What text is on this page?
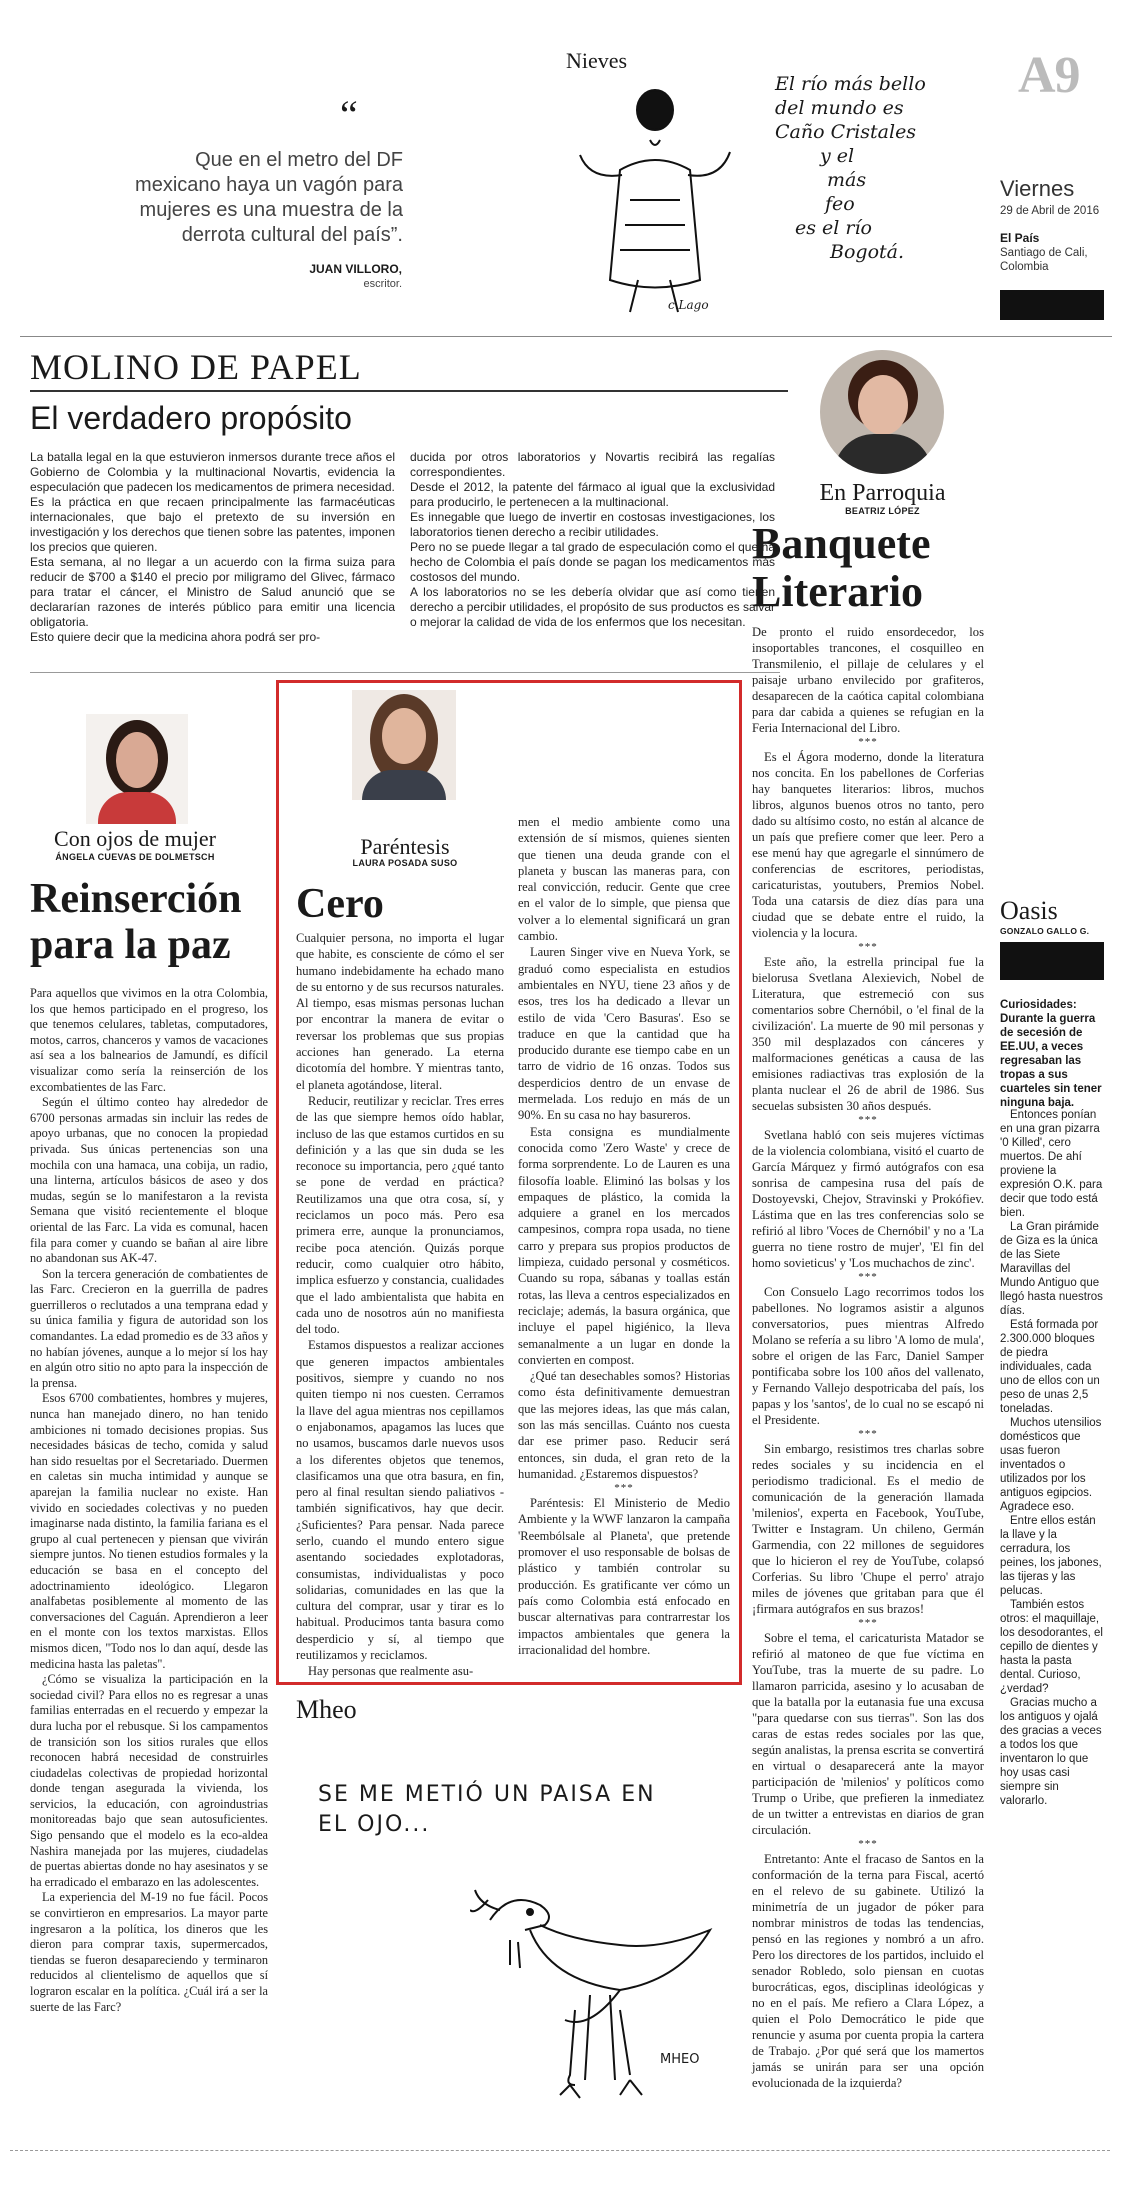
Nieves	A9
Viernes
29 de Abril de 2016
El País
Santiago de Cali, Colombia
“
Que en el metro del DF mexicano haya un vagón para mujeres es una muestra de la derrota cultural del país”.
JUAN VILLORO,
escritor.
El río más bello
del mundo es
Caño Cristales
y el
más
feo
es el río
Bogotá.
c.Lago
MOLINO DE PAPEL
El verdadero propósito

La batalla legal en la que estuvieron inmersos durante trece años el Gobierno de Colombia y la multinacional Novartis, evidencia la especulación que padecen los medicamentos de primera necesidad.

Es la práctica en que recaen principalmente las farmacéuticas internacionales, que bajo el pretexto de su inversión en investigación y los derechos que tienen sobre las patentes, imponen los precios que quieren.

Esta semana, al no llegar a un acuerdo con la firma suiza para reducir de $700 a $140 el precio por miligramo del Glivec, fármaco para tratar el cáncer, el Ministro de Salud anunció que se declararían razones de interés público para emitir una licencia obligatoria.

Esto quiere decir que la medicina ahora podrá ser pro-

ducida por otros laboratorios y Novartis recibirá las regalías correspondientes.

Desde el 2012, la patente del fármaco al igual que la exclusividad para producirlo, le pertenecen a la multinacional.

Es innegable que luego de invertir en costosas investigaciones, los laboratorios tienen derecho a recibir utilidades.

Pero no se puede llegar a tal grado de especulación como el que ha hecho de Colombia el país donde se pagan los medicamentos más costosos del mundo.

A los laboratorios no se les debería olvidar que así como tienen derecho a percibir utilidades, el propósito de sus productos es salvar o mejorar la calidad de vida de los enfermos que los necesitan.

En Parroquia
BEATRIZ LÓPEZ
Banquete Literario

De pronto el ruido ensordecedor, los insoportables trancones, el cosquilleo en Transmilenio, el pillaje de celulares y el paisaje urbano envilecido por grafiteros, desaparecen de la caótica capital colombiana para dar cabida a quienes se refugian en la Feria Internacional del Libro.

***

Es el Ágora moderno, donde la literatura nos concita. En los pabellones de Corferias hay banquetes literarios: libros, muchos libros, algunos buenos otros no tanto, pero dado su altísimo costo, no están al alcance de un país que prefiere comer que leer. Pero a ese menú hay que agregarle el sinnúmero de conferencias de escritores, periodistas, caricaturistas, youtubers, Premios Nobel. Toda una catarsis de diez días para una ciudad que se debate entre el ruido, la violencia y la locura.

***

Este año, la estrella principal fue la bielorusa Svetlana Alexievich, Nobel de Literatura, que estremeció con sus comentarios sobre Chernóbil, o 'el final de la civilización'. La muerte de 90 mil personas y 350 mil desplazados con cánceres y malformaciones genéticas a causa de las emisiones radiactivas tras explosión de la planta nuclear el 26 de abril de 1986. Sus secuelas subsisten 30 años después.

***

Svetlana habló con seis mujeres víctimas de la violencia colombiana, visitó el cuarto de García Márquez y firmó autógrafos con esa sonrisa de campesina rusa del país de Dostoyevski, Chejov, Stravinski y Prokófiev. Lástima que en las tres conferencias solo se refirió al libro 'Voces de Chernóbil' y no a 'La guerra no tiene rostro de mujer', 'El fin del homo sovieticus' y 'Los muchachos de zinc'.

***

Con Consuelo Lago recorrimos todos los pabellones. No logramos asistir a algunos conversatorios, pues mientras Alfredo Molano se refería a su libro 'A lomo de mula', sobre el origen de las Farc, Daniel Samper pontificaba sobre los 100 años del vallenato, y Fernando Vallejo despotricaba del país, los papas y los 'santos', de lo cual no se escapó ni el Presidente.

***

Sin embargo, resistimos tres charlas sobre redes sociales y su incidencia en el periodismo tradicional. Es el medio de comunicación de la generación llamada 'milenios', experta en Facebook, YouTube, Twitter e Instagram. Un chileno, Germán Garmendia, con 22 millones de seguidores que lo hicieron el rey de YouTube, colapsó Corferias. Su libro 'Chupe el perro' atrajo miles de jóvenes que gritaban para que él ¡firmara autógrafos en sus brazos!

***

Sobre el tema, el caricaturista Matador se refirió al matoneo de que fue víctima en YouTube, tras la muerte de su padre. Lo llamaron parricida, asesino y lo acusaban de que la batalla por la eutanasia fue una excusa "para quedarse con sus tierras". Son las dos caras de estas redes sociales por las que, según analistas, la prensa escrita se convertirá en virtual o desaparecerá ante la mayor participación de 'milenios' y políticos como Trump o Uribe, que prefieren la inmediatez de un twitter a entrevistas en diarios de gran circulación.

***

Entretanto: Ante el fracaso de Santos en la conformación de la terna para Fiscal, acertó en el relevo de su gabinete. Utilizó la minimetría de un jugador de póker para nombrar ministros de todas las tendencias, pensó en las regiones y nombró a un afro. Pero los directores de los partidos, incluido el senador Robledo, solo piensan en cuotas burocráticas, egos, disciplinas ideológicas y no en el país. Me refiero a Clara López, a quien el Polo Democrático le pide que renuncie y asuma por cuenta propia la cartera de Trabajo. ¿Por qué será que los mamertos jamás se unirán para ser una opción evolucionada de la izquierda?

Con ojos de mujer
ÁNGELA CUEVAS DE DOLMETSCH
Reinserción para la paz

Para aquellos que vivimos en la otra Colombia, los que hemos participado en el progreso, los que tenemos celulares, tabletas, computadores, motos, carros, chanceros y vamos de vacaciones así sea a los balnearios de Jamundí, es difícil visualizar como sería la reinserción de los excombatientes de las Farc.

Según el último conteo hay alrededor de 6700 personas armadas sin incluir las redes de apoyo urbanas, que no conocen la propiedad privada. Sus únicas pertenencias son una mochila con una hamaca, una cobija, un radio, una linterna, artículos básicos de aseo y dos mudas, según se lo manifestaron a la revista Semana que visitó recientemente el bloque oriental de las Farc. La vida es comunal, hacen fila para comer y cuando se bañan al aire libre no abandonan sus AK-47.

Son la tercera generación de combatientes de las Farc. Crecieron en la guerrilla de padres guerrilleros o reclutados a una temprana edad y su única familia y figura de autoridad son los comandantes. La edad promedio es de 33 años y no habían jóvenes, aunque a lo mejor sí los hay en algún otro sitio no apto para la inspección de la prensa.

Esos 6700 combatientes, hombres y mujeres, nunca han manejado dinero, no han tenido ambiciones ni tomado decisiones propias. Sus necesidades básicas de techo, comida y salud han sido resueltas por el Secretariado. Duermen en caletas sin mucha intimidad y aunque se aparejan la familia nuclear no existe. Han vivido en sociedades colectivas y no pueden imaginarse nada distinto, la familia fariana es el grupo al cual pertenecen y piensan que vivirán siempre juntos. No tienen estudios formales y la educación se basa en el concepto del adoctrinamiento ideológico. Llegaron analfabetas posiblemente al momento de las conversaciones del Caguán. Aprendieron a leer en el monte con los textos marxistas. Ellos mismos dicen, "Todo nos lo dan aquí, desde las medicina hasta las paletas".

¿Cómo se visualiza la participación en la sociedad civil? Para ellos no es regresar a unas familias enterradas en el recuerdo y empezar la dura lucha por el rebusque. Si los campamentos de transición son los sitios rurales que ellos reconocen habrá necesidad de construirles ciudadelas colectivas de propiedad horizontal donde tengan asegurada la vivienda, los servicios, la educación, con agroindustrias monitoreadas bajo que sean autosuficientes. Sigo pensando que el modelo es la eco-aldea Nashira manejada por las mujeres, ciudadelas de puertas abiertas donde no hay asesinatos y se ha erradicado el embarazo en las adolescentes.

La experiencia del M-19 no fue fácil. Pocos se convirtieron en empresarios. La mayor parte ingresaron a la política, los dineros que les dieron para comprar taxis, supermercados, tiendas se fueron desapareciendo y terminaron reducidos al clientelismo de aquellos que sí lograron escalar en la política. ¿Cuál irá a ser la suerte de las Farc?

Paréntesis
LAURA POSADA SUSO
Cero

Cualquier persona, no importa el lugar que habite, es consciente de cómo el ser humano indebidamente ha echado mano de su entorno y de sus recursos naturales. Al tiempo, esas mismas personas luchan por encontrar la manera de evitar o reversar los problemas que sus propias acciones han generado. La eterna dicotomía del hombre. Y mientras tanto, el planeta agotándose, literal.

Reducir, reutilizar y reciclar. Tres erres de las que siempre hemos oído hablar, incluso de las que estamos curtidos en su definición y a las que sin duda se les reconoce su importancia, pero ¿qué tanto se pone de verdad en práctica? Reutilizamos una que otra cosa, sí, y reciclamos un poco más. Pero esa primera erre, aunque la pronunciamos, recibe poca atención. Quizás porque reducir, como cualquier otro hábito, implica esfuerzo y constancia, cualidades que el lado ambientalista que habita en cada uno de nosotros aún no manifiesta del todo.

Estamos dispuestos a realizar acciones que generen impactos ambientales positivos, siempre y cuando no nos quiten tiempo ni nos cuesten. Cerramos la llave del agua mientras nos cepillamos o enjabonamos, apagamos las luces que no usamos, buscamos darle nuevos usos a los diferentes objetos que tenemos, clasificamos una que otra basura, en fin, pero al final resultan siendo paliativos -también significativos, hay que decir. ¿Suficientes? Para pensar. Nada parece serlo, cuando el mundo entero sigue asentando sociedades explotadoras, consumistas, individualistas y poco solidarias, comunidades en las que la cultura del comprar, usar y tirar es lo habitual. Producimos tanta basura como desperdicio y sí, al tiempo que reutilizamos y reciclamos.

Hay personas que realmente asu-

men el medio ambiente como una extensión de sí mismos, quienes sienten que tienen una deuda grande con el planeta y buscan las maneras para, con real convicción, reducir. Gente que cree en el valor de lo simple, que piensa que volver a lo elemental significará un gran cambio.

Lauren Singer vive en Nueva York, se graduó como especialista en estudios ambientales en NYU, tiene 23 años y de esos, tres los ha dedicado a llevar un estilo de vida 'Cero Basuras'. Eso se traduce en que la cantidad que ha producido durante ese tiempo cabe en un tarro de vidrio de 16 onzas. Todos sus desperdicios dentro de un envase de mermelada. Los redujo en más de un 90%. En su casa no hay basureros.

Esta consigna es mundialmente conocida como 'Zero Waste' y crece de forma sorprendente. Lo de Lauren es una filosofía loable. Eliminó las bolsas y los empaques de plástico, la comida la adquiere a granel en los mercados campesinos, compra ropa usada, no tiene carro y prepara sus propios productos de limpieza, cuidado personal y cosméticos. Cuando su ropa, sábanas y toallas están rotas, las lleva a centros especializados en reciclaje; además, la basura orgánica, que incluye el papel higiénico, la lleva semanalmente a un lugar en donde la convierten en compost.

¿Qué tan desechables somos? Historias como ésta definitivamente demuestran que las mejores ideas, las que más calan, son las más sencillas. Cuánto nos cuesta dar ese primer paso. Reducir será entonces, sin duda, el gran reto de la humanidad. ¿Estaremos dispuestos?

***

Paréntesis: El Ministerio de Medio Ambiente y la WWF lanzaron la campaña 'Reembólsale al Planeta', que pretende promover el uso responsable de bolsas de plástico y también controlar su producción. Es gratificante ver cómo un país como Colombia está enfocado en buscar alternativas para contrarrestar los impactos ambientales que genera la irracionalidad del hombre.

Mheo
SE ME METIÓ UN PAISA EN EL OJO...
MHEO
Oasis
GONZALO GALLO G.
Curiosidades: Durante la guerra de secesión de EE.UU, a veces regresaban las tropas a sus cuarteles sin tener ninguna baja.

Entonces ponían en una gran pizarra '0 Killed', cero muertos. De ahí proviene la expresión O.K. para decir que todo está bien.

La Gran pirámide de Giza es la única de las Siete Maravillas del Mundo Antiguo que llegó hasta nuestros días.

Está formada por 2.300.000 bloques de piedra individuales, cada uno de ellos con un peso de unas 2,5 toneladas.

Muchos utensilios domésticos que usas fueron inventados o utilizados por los antiguos egipcios. Agradece eso.

Entre ellos están la llave y la cerradura, los peines, los jabones, las tijeras y las pelucas.

También estos otros: el maquillaje, los desodorantes, el cepillo de dientes y hasta la pasta dental. Curioso, ¿verdad?

Gracias mucho a los antiguos y ojalá des gracias a veces a todos los que inventaron lo que hoy usas casi siempre sin valorarlo.
